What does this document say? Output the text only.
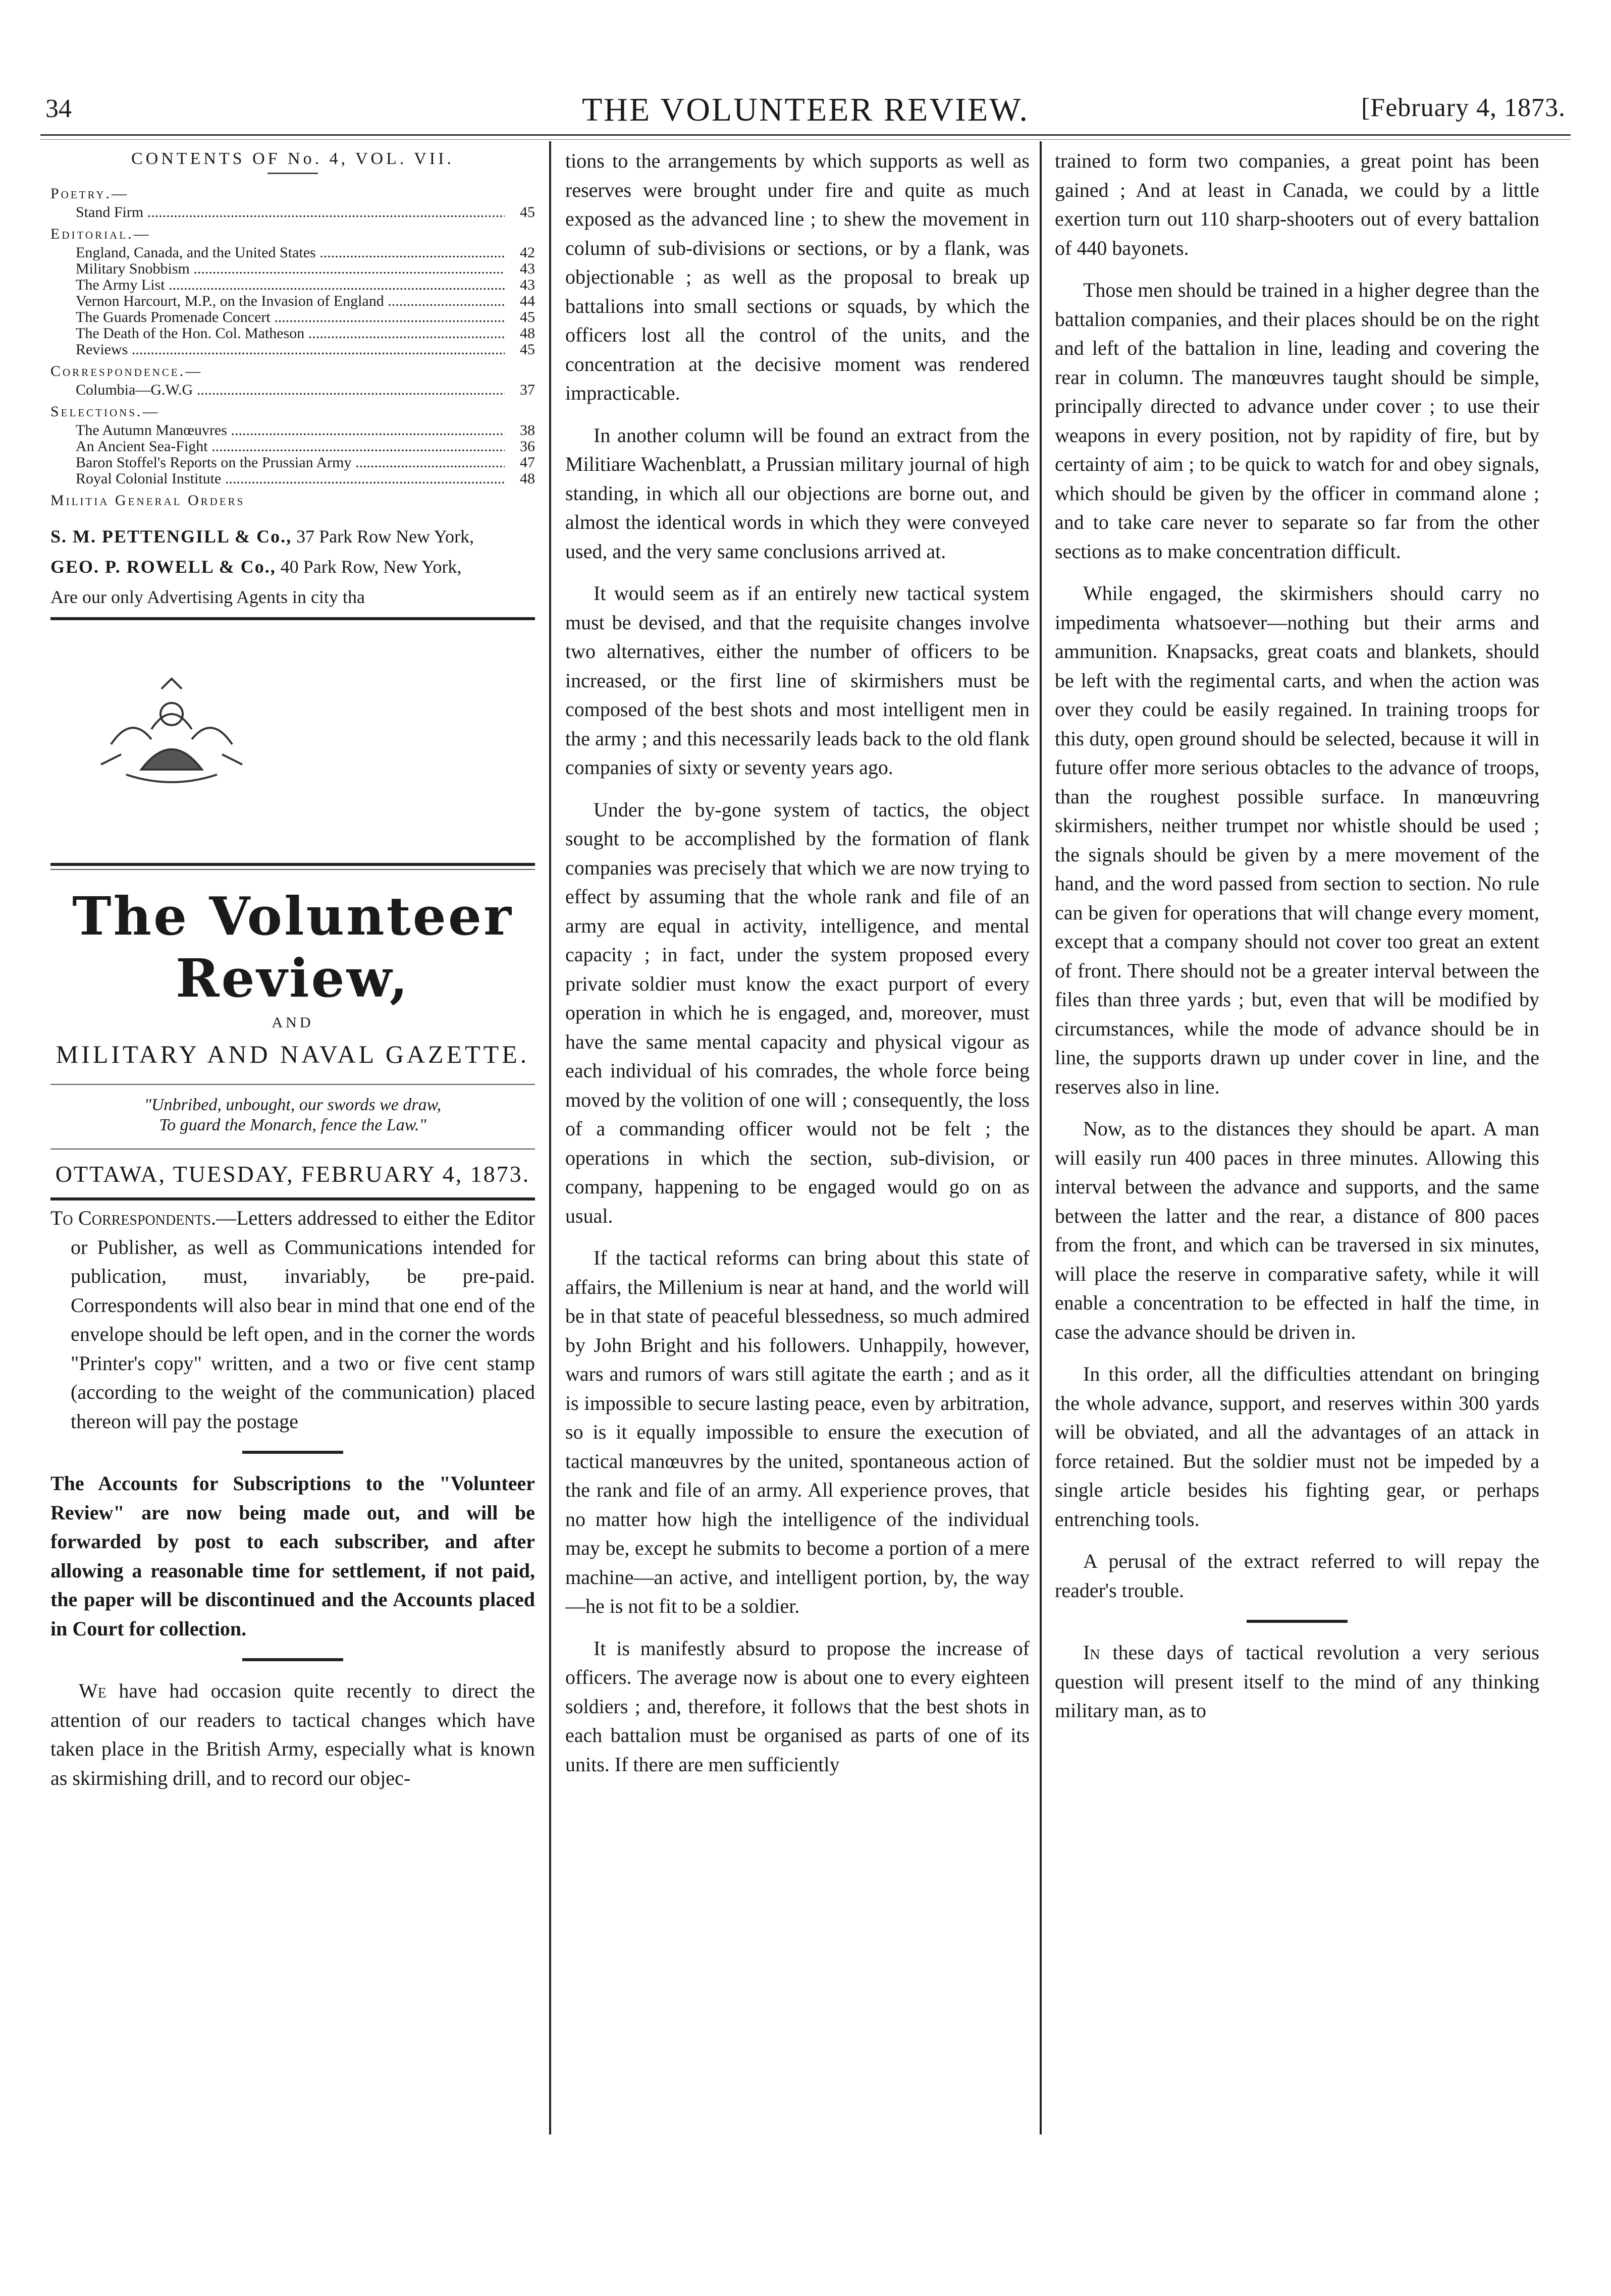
34	THE VOLUNTEER REVIEW.	[February 4, 1873.
CONTENTS OF No. 4, VOL. VII.
Poetry.—
Stand Firm .....	45
Editorial.—
England, Canada, and the United States .....	42
Military Snobbism .....	43
The Army List .....	43
Vernon Harcourt, M.P., on the Invasion of England .....	44
The Guards Promenade Concert .....	45
The Death of the Hon. Col. Matheson .....	48
Reviews .....	45
Correspondence.—
Columbia—G.W.G .....	37
Selections.—
The Autumn Manœuvres .....	38
An Ancient Sea-Fight .....	36
Baron Stoffel's Reports on the Prussian Army .....	47
Royal Colonial Institute .....	48
Militia General Orders
S. M. PETTENGILL & Co., 37 Park Row New York,
GEO. P. ROWELL & Co., 40 Park Row, New York,
Are our only Advertising Agents in city tha
The Volunteer Review,
AND
MILITARY AND NAVAL GAZETTE.
"Unbribed, unbought, our swords we draw,
To guard the Monarch, fence the Law."
OTTAWA, TUESDAY, FEBRUARY 4, 1873.

To Correspondents.—Letters addressed to either the Editor or Publisher, as well as Communications intended for publication, must, invariably, be pre-paid. Correspondents will also bear in mind that one end of the envelope should be left open, and in the corner the words "Printer's copy" written, and a two or five cent stamp (according to the weight of the communication) placed thereon will pay the postage

The Accounts for Subscriptions to the "Volunteer Review" are now being made out, and will be forwarded by post to each subscriber, and after allowing a reasonable time for settlement, if not paid, the paper will be discontinued and the Accounts placed in Court for collection.

We have had occasion quite recently to direct the attention of our readers to tactical changes which have taken place in the British Army, especially what is known as skirmishing drill, and to record our objec-

tions to the arrangements by which supports as well as reserves were brought under fire and quite as much exposed as the advanced line ; to shew the movement in column of sub-divisions or sections, or by a flank, was objectionable ; as well as the proposal to break up battalions into small sections or squads, by which the officers lost all the control of the units, and the concentration at the decisive moment was rendered impracticable.

In another column will be found an extract from the Militiare Wachenblatt, a Prussian military journal of high standing, in which all our objections are borne out, and almost the identical words in which they were conveyed used, and the very same conclusions arrived at.

It would seem as if an entirely new tactical system must be devised, and that the requisite changes involve two alternatives, either the number of officers to be increased, or the first line of skirmishers must be composed of the best shots and most intelligent men in the army ; and this necessarily leads back to the old flank companies of sixty or seventy years ago.

Under the by-gone system of tactics, the object sought to be accomplished by the formation of flank companies was precisely that which we are now trying to effect by assuming that the whole rank and file of an army are equal in activity, intelligence, and mental capacity ; in fact, under the system proposed every private soldier must know the exact purport of every operation in which he is engaged, and, moreover, must have the same mental capacity and physical vigour as each individual of his comrades, the whole force being moved by the volition of one will ; consequently, the loss of a commanding officer would not be felt ; the operations in which the section, sub-division, or company, happening to be engaged would go on as usual.

If the tactical reforms can bring about this state of affairs, the Millenium is near at hand, and the world will be in that state of peaceful blessedness, so much admired by John Bright and his followers. Unhappily, however, wars and rumors of wars still agitate the earth ; and as it is impossible to secure lasting peace, even by arbitration, so is it equally impossible to ensure the execution of tactical manœuvres by the united, spontaneous action of the rank and file of an army. All experience proves, that no matter how high the intelligence of the individual may be, except he submits to become a portion of a mere machine—an active, and intelligent portion, by, the way—he is not fit to be a soldier.

It is manifestly absurd to propose the increase of officers. The average now is about one to every eighteen soldiers ; and, therefore, it follows that the best shots in each battalion must be organised as parts of one of its units. If there are men sufficiently

trained to form two companies, a great point has been gained ; And at least in Canada, we could by a little exertion turn out 110 sharp-shooters out of every battalion of 440 bayonets.

Those men should be trained in a higher degree than the battalion companies, and their places should be on the right and left of the battalion in line, leading and covering the rear in column. The manœuvres taught should be simple, principally directed to advance under cover ; to use their weapons in every position, not by rapidity of fire, but by certainty of aim ; to be quick to watch for and obey signals, which should be given by the officer in command alone ; and to take care never to separate so far from the other sections as to make concentration difficult.

While engaged, the skirmishers should carry no impedimenta whatsoever—nothing but their arms and ammunition. Knapsacks, great coats and blankets, should be left with the regimental carts, and when the action was over they could be easily regained. In training troops for this duty, open ground should be selected, because it will in future offer more serious obtacles to the advance of troops, than the roughest possible surface. In manœuvring skirmishers, neither trumpet nor whistle should be used ; the signals should be given by a mere movement of the hand, and the word passed from section to section. No rule can be given for operations that will change every moment, except that a company should not cover too great an extent of front. There should not be a greater interval between the files than three yards ; but, even that will be modified by circumstances, while the mode of advance should be in line, the supports drawn up under cover in line, and the reserves also in line.

Now, as to the distances they should be apart. A man will easily run 400 paces in three minutes. Allowing this interval between the advance and supports, and the same between the latter and the rear, a distance of 800 paces from the front, and which can be traversed in six minutes, will place the reserve in comparative safety, while it will enable a concentration to be effected in half the time, in case the advance should be driven in.

In this order, all the difficulties attendant on bringing the whole advance, support, and reserves within 300 yards will be obviated, and all the advantages of an attack in force retained. But the soldier must not be impeded by a single article besides his fighting gear, or perhaps entrenching tools.

A perusal of the extract referred to will repay the reader's trouble.

In these days of tactical revolution a very serious question will present itself to the mind of any thinking military man, as to
